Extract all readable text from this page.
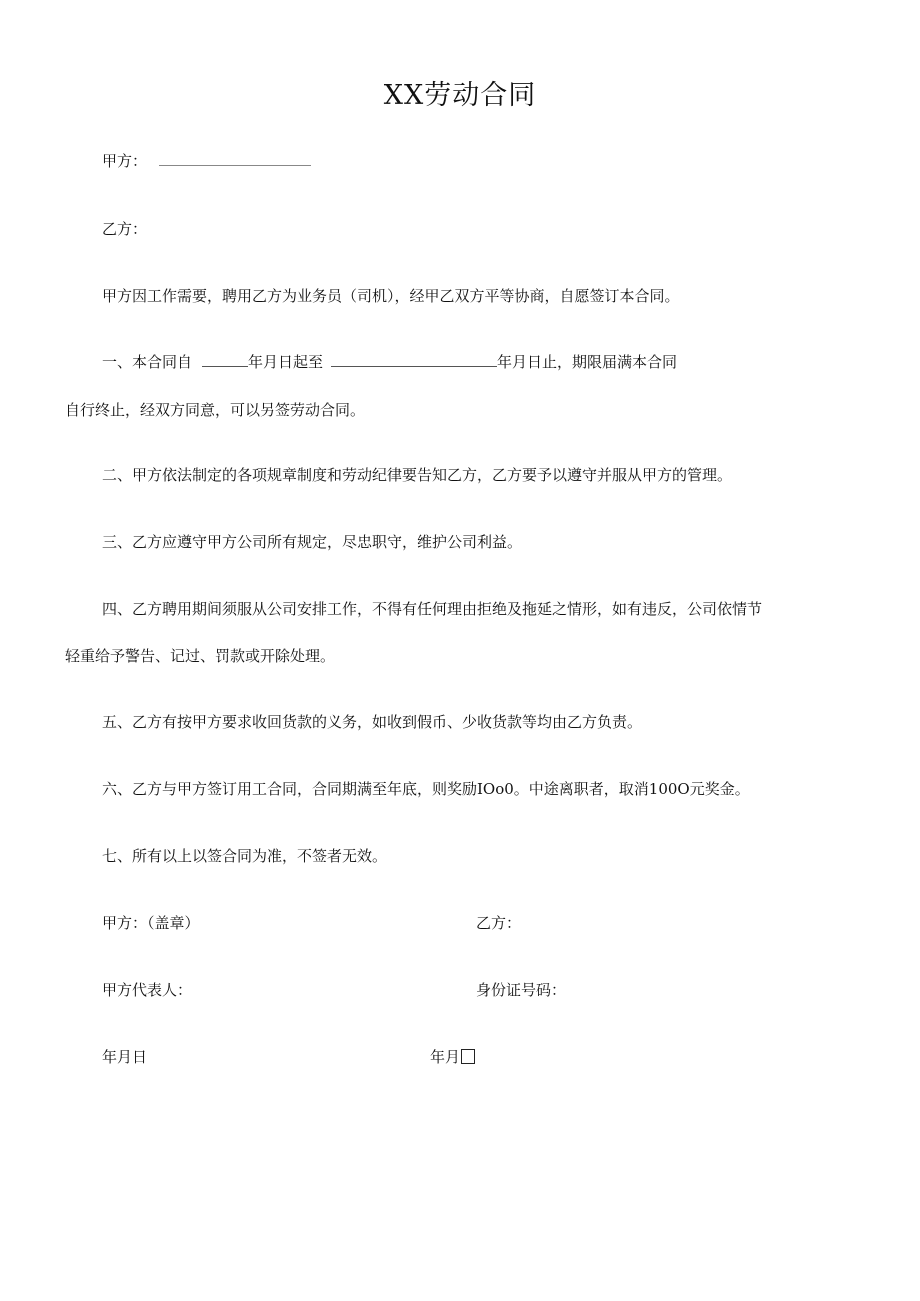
XX劳动合同
甲方：
乙方：
甲方因工作需要，聘用乙方为业务员（司机），经甲乙双方平等协商，自愿签订本合同。
一、本合同自	年月日起至	年月日止，期限届满本合同
自行终止，经双方同意，可以另签劳动合同。
二、甲方依法制定的各项规章制度和劳动纪律要告知乙方，乙方要予以遵守并服从甲方的管理。
三、乙方应遵守甲方公司所有规定，尽忠职守，维护公司利益。
四、乙方聘用期间须服从公司安排工作，不得有任何理由拒绝及拖延之情形，如有违反，公司依情节
轻重给予警告、记过、罚款或开除处理。
五、乙方有按甲方要求收回货款的义务，如收到假币、少收货款等均由乙方负责。
六、乙方与甲方签订用工合同，合同期满至年底，则奖励IOo0。中途离职者，取消100O元奖金。
七、所有以上以签合同为准，不签者无效。
甲方：（盖章）	乙方：
甲方代表人：	身份证号码：
年月日	年月
